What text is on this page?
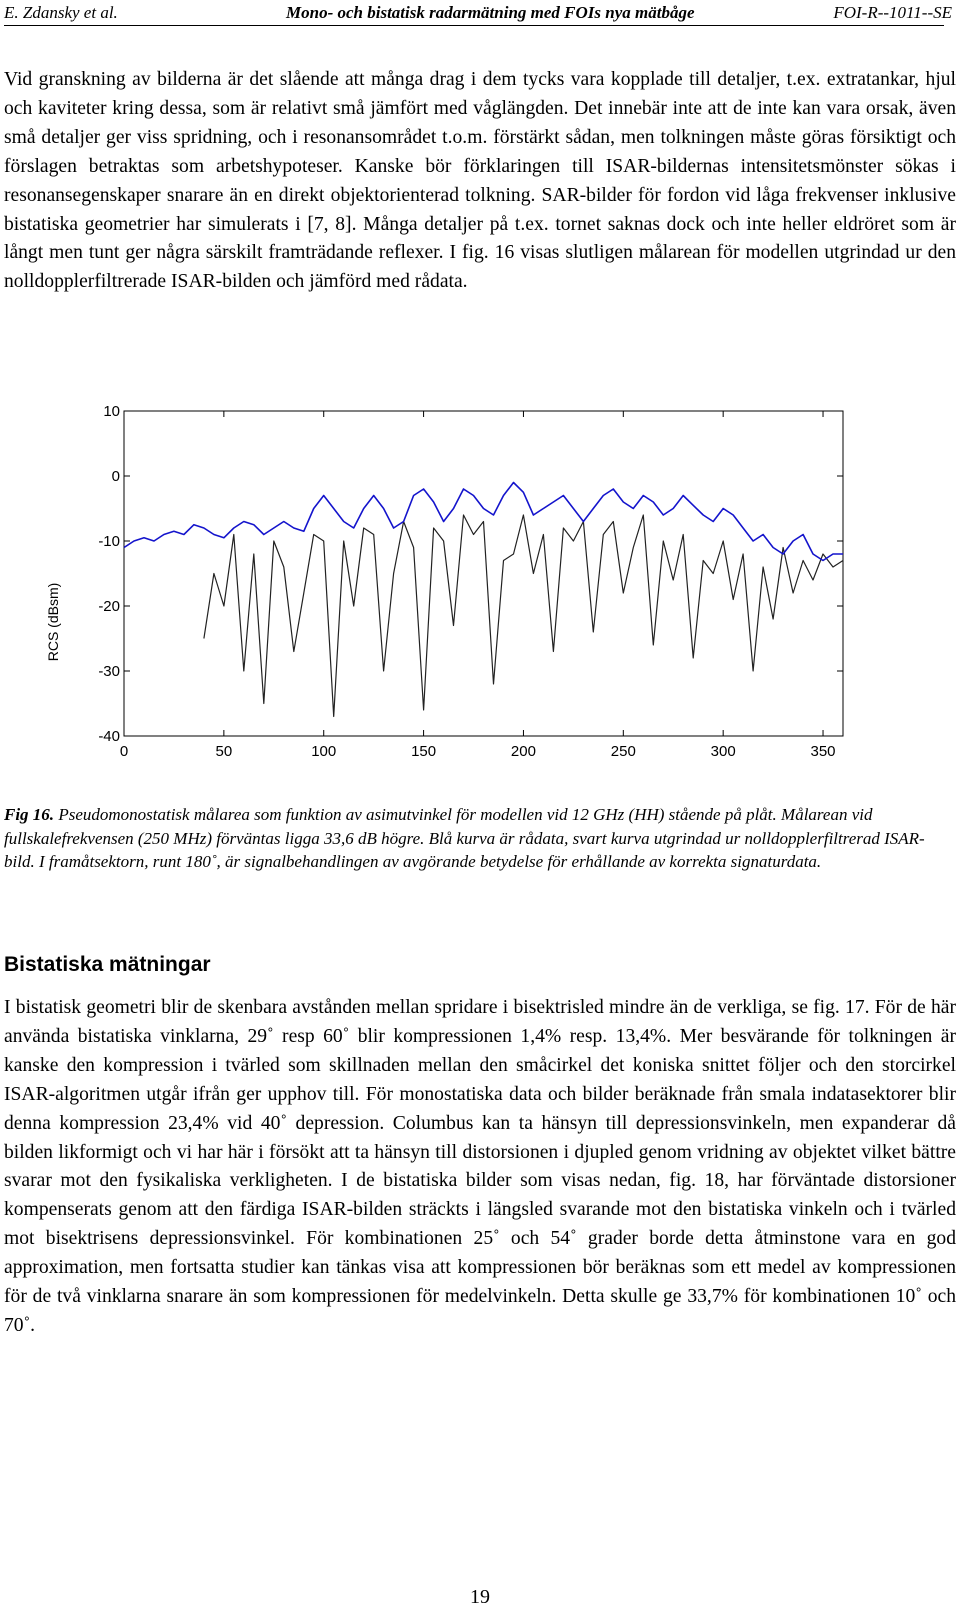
E. Zdansky et al.	Mono- och bistatisk radarmätning med FOIs nya mätbåge	FOI-R--1011--SE

Vid granskning av bilderna är det slående att många drag i dem tycks vara kopplade till detaljer, t.ex. extratankar, hjul och kaviteter kring dessa, som är relativt små jämfört med våglängden. Det innebär inte att de inte kan vara orsak, även små detaljer ger viss spridning, och i resonansområdet t.o.m. förstärkt sådan, men tolkningen måste göras försiktigt och förslagen betraktas som arbetshypoteser. Kanske bör förklaringen till ISAR-bildernas intensitetsmönster sökas i resonansegenskaper snarare än en direkt objektorienterad tolkning. SAR-bilder för fordon vid låga frekvenser inklusive bistatiska geometrier har simulerats i [7, 8]. Många detaljer på t.ex. tornet saknas dock och inte heller eldröret som är långt men tunt ger några särskilt framträdande reflexer. I fig. 16 visas slutligen målarean för modellen utgrindad ur den nolldopplerfiltrerade ISAR-bilden och jämförd med rådata.

RCS (dBsm)
0	50	100	150	200	250	300	350
10
0
-10
-20
-30
-40

Fig 16. Pseudomonostatisk målarea som funktion av asimutvinkel för modellen vid 12 GHz (HH) stående på plåt. Målarean vid fullskalefrekvensen (250 MHz) förväntas ligga 33,6 dB högre. Blå kurva är rådata, svart kurva utgrindad ur nolldopplerfiltrerad ISAR-bild. I framåtsektorn, runt 180˚, är signalbehandlingen av avgörande betydelse för erhållande av korrekta signaturdata.

Bistatiska mätningar

I bistatisk geometri blir de skenbara avstånden mellan spridare i bisektrisled mindre än de verkliga, se fig. 17. För de här använda bistatiska vinklarna, 29˚ resp 60˚ blir kompressionen 1,4% resp. 13,4%. Mer besvärande för tolkningen är kanske den kompression i tvärled som skillnaden mellan den småcirkel det koniska snittet följer och den storcirkel ISAR-algoritmen utgår ifrån ger upphov till. För monostatiska data och bilder beräknade från smala indatasektorer blir denna kompression 23,4% vid 40˚ depression. Columbus kan ta hänsyn till depressionsvinkeln, men expanderar då bilden likformigt och vi har här i försökt att ta hänsyn till distorsionen i djupled genom vridning av objektet vilket bättre svarar mot den fysikaliska verkligheten. I de bistatiska bilder som visas nedan, fig. 18, har förväntade distorsioner kompenserats genom att den färdiga ISAR-bilden sträckts i längsled svarande mot den bistatiska vinkeln och i tvärled mot bisektrisens depressionsvinkel. För kombinationen 25˚ och 54˚ grader borde detta åtminstone vara en god approximation, men fortsatta studier kan tänkas visa att kompressionen bör beräknas som ett medel av kompressionen för de två vinklarna snarare än som kompressionen för medelvinkeln. Detta skulle ge 33,7% för kombinationen 10˚ och 70˚.

19
